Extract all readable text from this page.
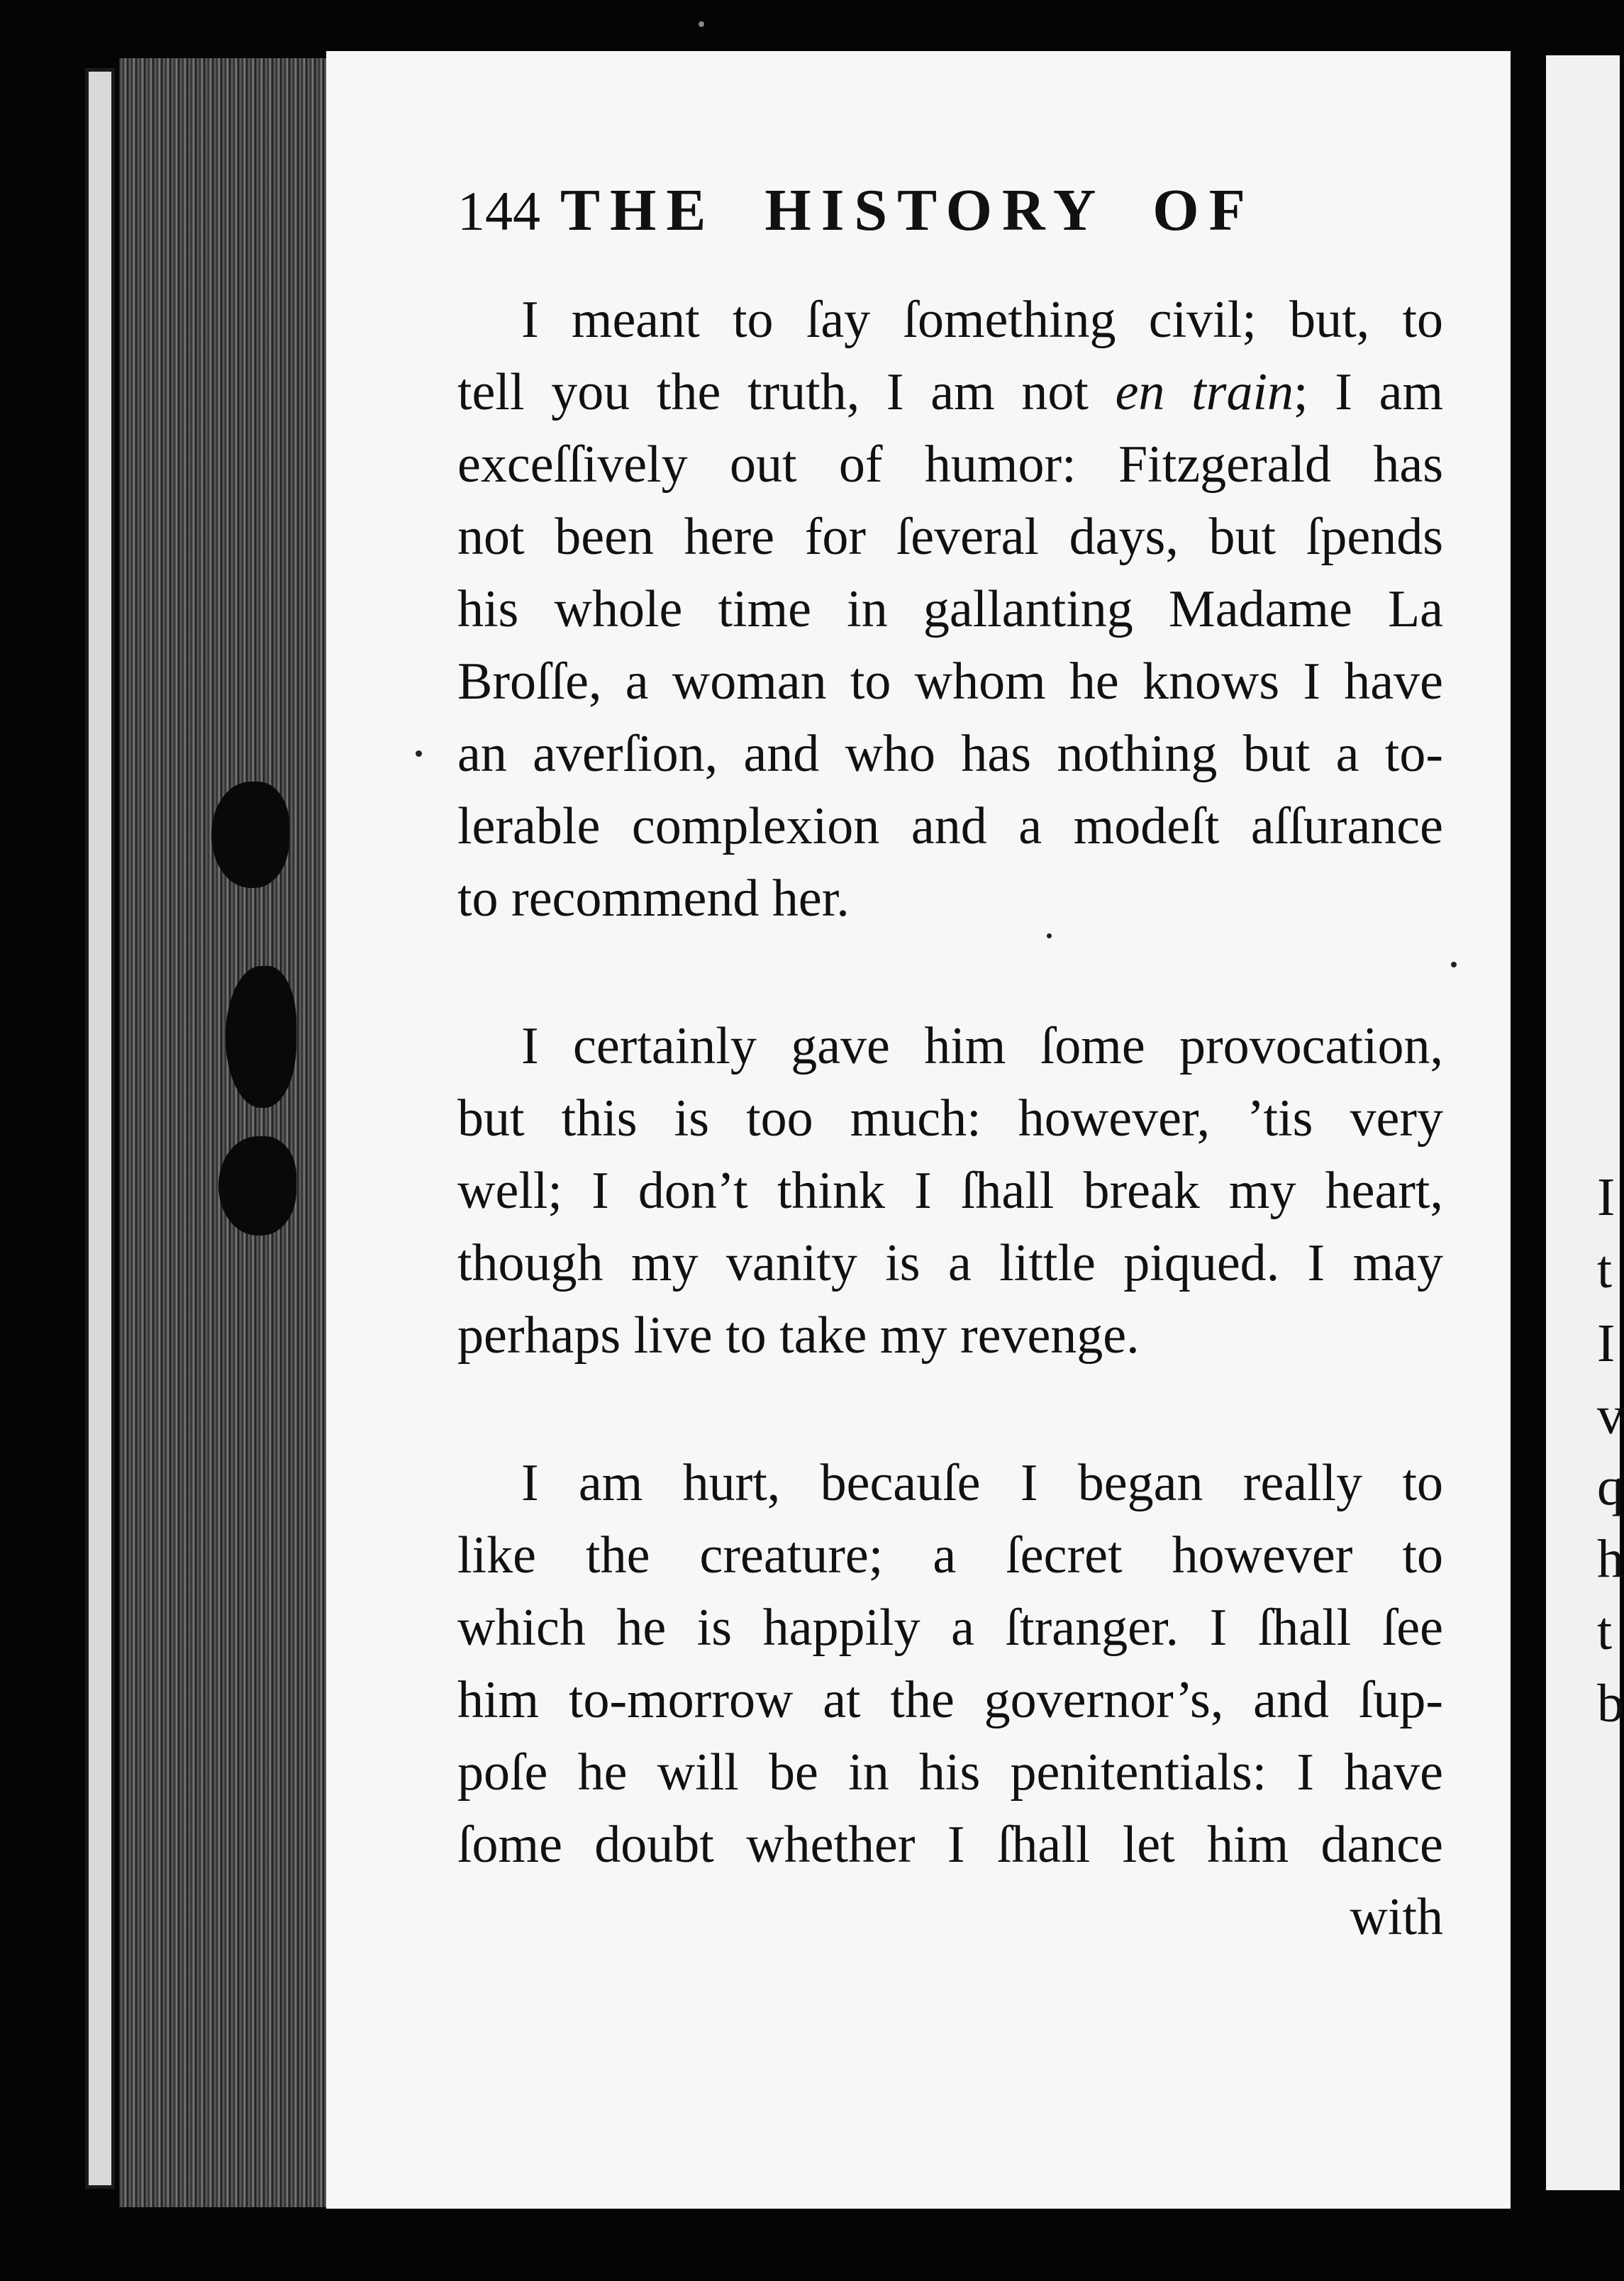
I
t
I
v
q
h
t
b
144 THE HISTORY OF
I meant to ſay ſomething civil; but, to
tell you the truth, I am not en train; I am
exceſſively out of humor: Fitzgerald has
not been here for ſeveral days, but ſpends
his whole time in gallanting Madame La
Broſſe, a woman to whom he knows I have
an averſion, and who has nothing but a to-
lerable complexion and a modeſt aſſurance
to recommend her.
I certainly gave him ſome provocation,
but this is too much: however, ’tis very
well; I don’t think I ſhall break my heart,
though my vanity is a little piqued. I may
perhaps live to take my revenge.
I am hurt, becauſe I began really to
like the creature; a ſecret however to
which he is happily a ſtranger. I ſhall ſee
him to-morrow at the governor’s, and ſup-
poſe he will be in his penitentials: I have
ſome doubt whether I ſhall let him dance
with
